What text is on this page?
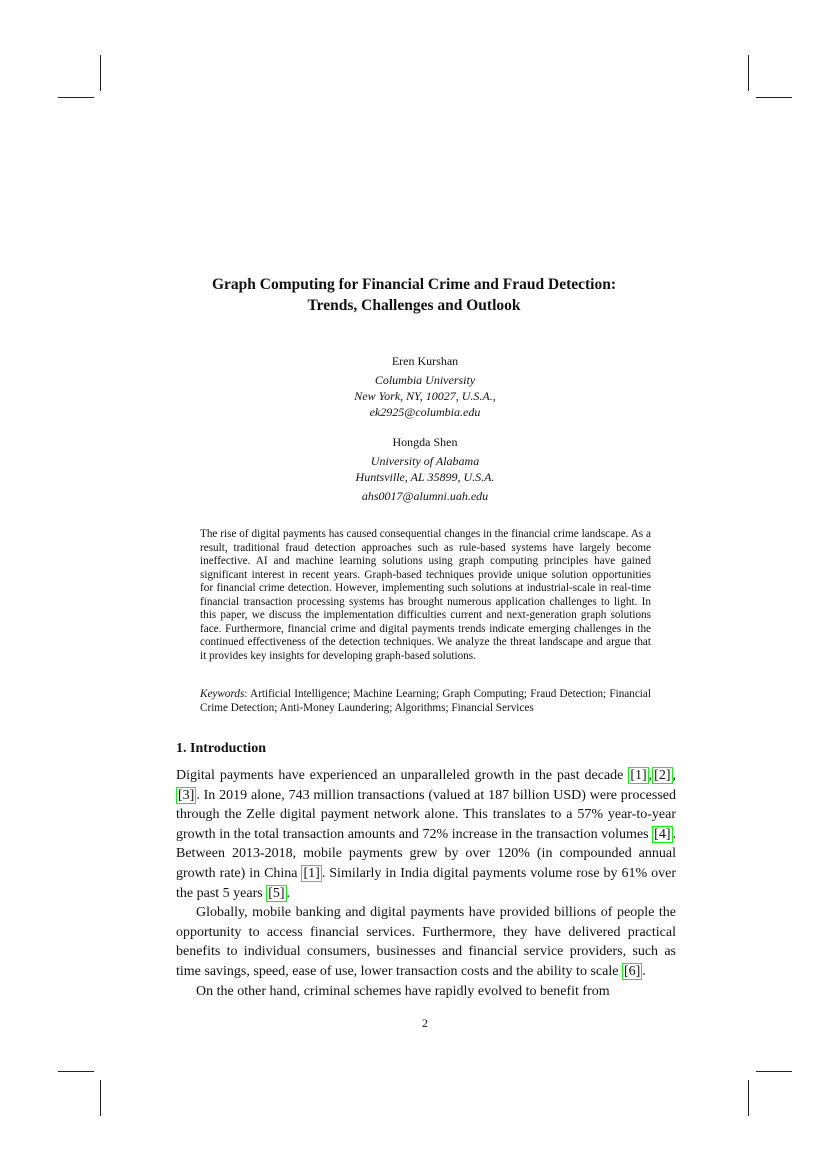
Graph Computing for Financial Crime and Fraud Detection:
Trends, Challenges and Outlook
Eren Kurshan
Columbia University
New York, NY, 10027, U.S.A.,
ek2925@columbia.edu
Hongda Shen
University of Alabama
Huntsville, AL 35899, U.S.A.
ahs0017@alumni.uah.edu

The rise of digital payments has caused consequential changes in the financial crime landscape. As a result, traditional fraud detection approaches such as rule-based systems have largely become ineffective. AI and machine learning solutions using graph computing principles have gained significant interest in recent years. Graph-based techniques provide unique solution opportunities for financial crime detection. However, implementing such solutions at industrial-scale in real-time financial transaction processing systems has brought numerous application challenges to light. In this paper, we discuss the implementation difficulties current and next-generation graph solutions face. Furthermore, financial crime and digital payments trends indicate emerging challenges in the continued effectiveness of the detection techniques. We analyze the threat landscape and argue that it provides key insights for developing graph-based solutions.

Keywords: Artificial Intelligence; Machine Learning; Graph Computing; Fraud Detection; Financial Crime Detection; Anti-Money Laundering; Algorithms; Financial Services
1. Introduction

Digital payments have experienced an unparalleled growth in the past decade [1] , [2] ,[3] . In 2019 alone, 743 million transactions (valued at 187 billion USD) were processed through the Zelle digital payment network alone. This translates to a 57% year-to-year growth in the total transaction amounts and 72% increase in the transaction volumes [4] . Between 2013-2018, mobile payments grew by over 120% (in compounded annual growth rate) in China [1] . Similarly in India digital payments volume rose by 61% over the past 5 years [5] .

Globally, mobile banking and digital payments have provided billions of people the opportunity to access financial services. Furthermore, they have delivered practical benefits to individual consumers, businesses and financial service providers, such as time savings, speed, ease of use, lower transaction costs and the ability to scale [6] .

On the other hand, criminal schemes have rapidly evolved to benefit from

2
